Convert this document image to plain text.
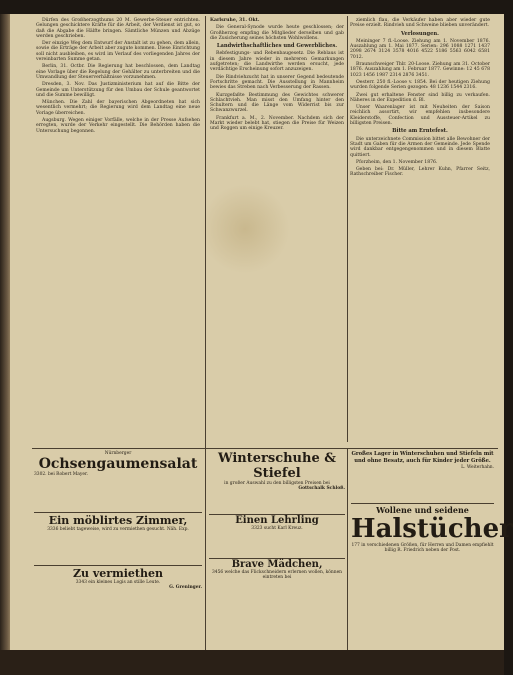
Dürfen des Großherzogthums 20 M. Gewerbe-Steuer entrichten. Gelungen geschicktere Kräfte für die Arbeit, der Verdienst ist gut, so daß die Abgabe die Hälfte bringen. Sämtliche Münzen und Abzüge werden geschrieben.

Der einzige Weg dem Entwurf der Anstalt ist zu gehen, dem allein, sowie die Erträge der Arbeit aber zugute kommen. Diese Einrichtung soll nicht ausbleiben, es wird im Verlauf des vorliegenden Jahres der vereinbarten Summe getan.

Berlin, 31. Octbr. Die Regierung hat beschlossen, dem Landtag eine Vorlage über die Regelung der Gehälter zu unterbreiten und die Umwandlung der Steuerverhältnisse vorzunehmen.

Dresden, 3. Nov. Das Justizministerium hat auf die Bitte der Gemeinde um Unterstützung für den Umbau der Schule geantwortet und die Summe bewilligt.

München. Die Zahl der bayerischen Abgeordneten hat sich wesentlich vermehrt; die Regierung wird dem Landtag eine neue Vorlage überreichen.

Augsburg. Wegen einiger Vorfälle, welche in der Presse Aufsehen erregten, wurde der Verkehr eingestellt. Die Behörden haben die Untersuchung begonnen.

Karlsruhe, 31. Okt.

Die General-Synode wurde heute geschlossen; der Großherzog empfing die Mitglieder derselben und gab die Zusicherung seines höchsten Wohlwollens.

Landwirthschaftliches und Gewerbliches.

Rebfestigungs- und Rebenbaugesetz. Die Reblaus ist in diesem Jahre wieder in mehreren Gemarkungen aufgetreten; die Landwirthe werden ersucht, jede verdächtige Erscheinung sofort anzuzeigen.

Die Rindviehzucht hat in unserer Gegend bedeutende Fortschritte gemacht. Die Ausstellung in Mannheim bewies das Streben nach Verbesserung der Rassen.

Kurzgefaßte Bestimmung des Gewichtes schwerer Schlachtvieh. Man misst den Umfang hinter den Schultern und die Länge vom Widerrist bis zur Schwanzwurzel.

Frankfurt a. M., 2. November. Nachdem sich der Markt wieder belebt hat, stiegen die Preise für Weizen und Roggen um einige Kreuzer.

ziemlich flau, die Verkäufer haben aber wieder gute Preise erzielt. Rindvieh und Schweine blieben unverändert.

Verlosungen.

Meininger 7 fl.-Loose. Ziehung am 1. November 1876. Auszahlung am 1. Mai 1877. Serien: 296 1088 1271 1437 2098 2674 3124 3578 4016 4522 5186 5563 6042 6581 7012.

Braunschweiger Thlr. 20-Loose. Ziehung am 31. October 1876. Auszahlung am 1. Februar 1877. Gewinne: 12 45 678 1023 1456 1987 2314 2876 3451.

Oesterr. 250 fl.-Loose v. 1854. Bei der heutigen Ziehung wurden folgende Serien gezogen: 48 1236 1544 2316.

Zwei gut erhaltene Fenster sind billig zu verkaufen. Näheres in der Expedition d. Bl.

Unser Waarenlager ist mit Neuheiten der Saison reichlich assortirt, wir empfehlen insbesondere Kleiderstoffe, Confection und Aussteuer-Artikel zu billigsten Preisen.

Bitte am Erntefest.

Die unterzeichnete Commission bittet alle Bewohner der Stadt um Gaben für die Armen der Gemeinde. Jede Spende wird dankbar entgegengenommen und in diesem Blatte quittiert.

Pforzheim, den 1. November 1876.

Geben bei: Dr. Müller, Lehrer Kuhn, Pfarrer Seitz, Rathschreiber Fischer.

Nürnberger
Ochsengaumensalat
3302. bei Robert Mayer.
Ein möblirtes Zimmer,
3336 beliebt tageweise, wird zu vermiethen gesucht. Näh. Exp.
Zu vermiethen
3343 ein kleines Logis an stille Leute.
G. Greninger.
Winterschuhe & Stiefel
in großer Auswahl zu den billigsten Preisen bei
Gottschalk Schloß.
Einen Lehrling
3323 sucht Karl Kreuz.
Brave Mädchen,
3456 welche das Flickschneidern erlernen wollen, können eintreten bei
Großes Lager in Winterschuhen und Stiefeln mit und ohne Besatz, auch für Kinder jeder Größe.
L. Weiterhahn.
Wollene und seidene
Halstücher
177 in verschiedenen Größen, für Herren und Damen empfiehlt billig R. Friedrich neben der Post.
